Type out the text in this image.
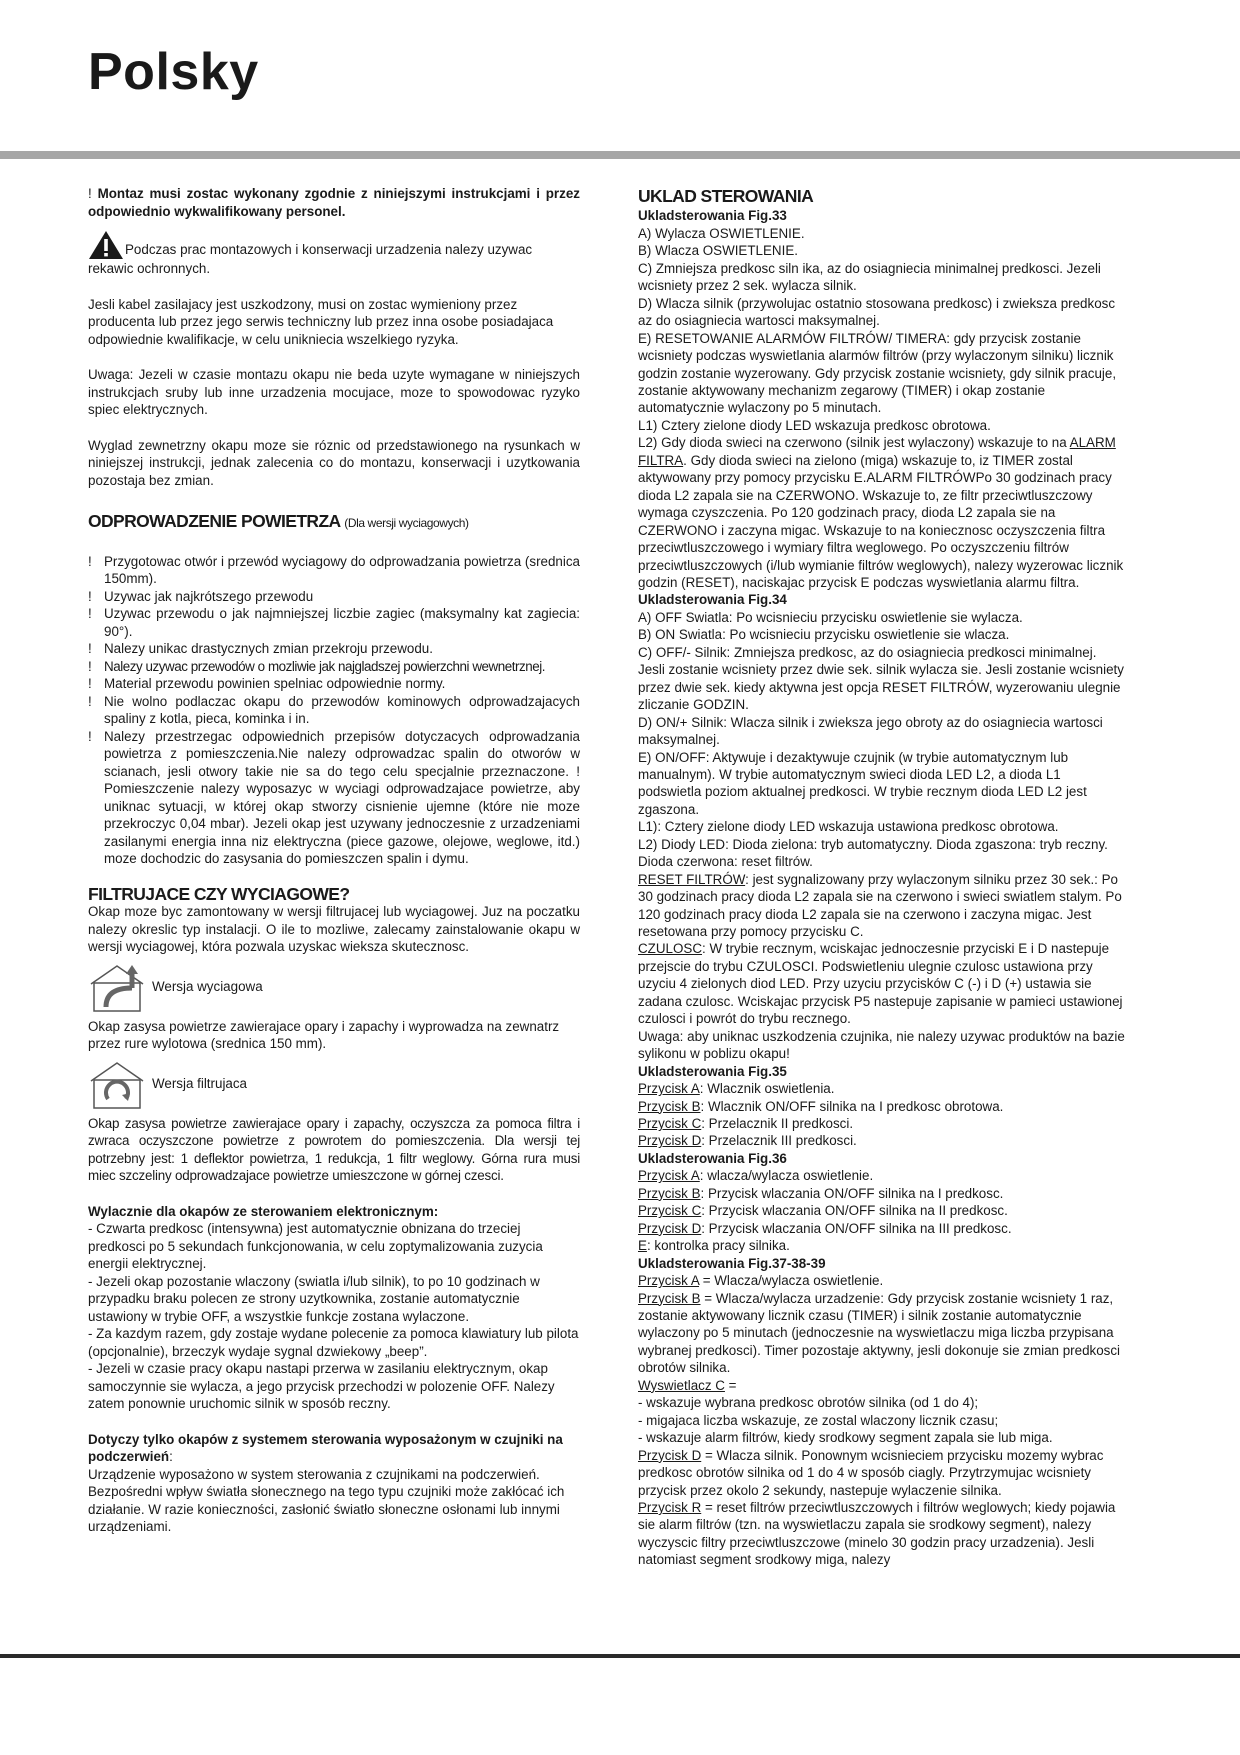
Polsky

! Montaz musi zostac wykonany zgodnie z niniejszymi instrukcjami i przez odpowiednio wykwalifikowany personel.

Podczas prac montazowych i konserwacji urzadzenia nalezy uzywac rekawic ochronnych.

Jesli kabel zasilajacy jest uszkodzony, musi on zostac wymieniony przez producenta lub przez jego serwis techniczny lub przez inna osobe posiadajaca odpowiednie kwalifikacje, w celu unikniecia wszelkiego ryzyka.

Uwaga: Jezeli w czasie montazu okapu nie beda uzyte wymagane w niniejszych instrukcjach sruby lub inne urzadzenia mocujace, moze to spowodowac ryzyko spiec elektrycznych.

Wyglad zewnetrzny okapu moze sie róznic od przedstawionego na rysunkach w niniejszej instrukcji, jednak zalecenia co do montazu, konserwacji i uzytkowania pozostaja bez zmian.

ODPROWADZENIE POWIETRZA (Dla wersji wyciagowych)

! Przygotowac otwór i przewód wyciagowy do odprowadzania powietrza (srednica 150mm).
! Uzywac jak najkrótszego przewodu
! Uzywac przewodu o jak najmniejszej liczbie zagiec (maksymalny kat zagiecia: 90°).
! Nalezy unikac drastycznych zmian przekroju przewodu.
! Nalezy uzywac przewodów o mozliwie jak najgladszej powierzchni wewnetrznej.
! Material przewodu powinien spelniac odpowiednie normy.
! Nie wolno podlaczac okapu do przewodów kominowych odprowadzajacych spaliny z kotla, pieca, kominka i in.
! Nalezy przestrzegac odpowiednich przepisów dotyczacych odprowadzania powietrza z pomieszczenia.Nie nalezy odprowadzac spalin do otworów w scianach, jesli otwory takie nie sa do tego celu specjalnie przeznaczone. ! Pomieszczenie nalezy wyposazyc w wyciagi odprowadzajace powietrze, aby uniknac sytuacji, w której okap stworzy cisnienie ujemne (które nie moze przekroczyc 0,04 mbar). Jezeli okap jest uzywany jednoczesnie z urzadzeniami zasilanymi energia inna niz elektryczna (piece gazowe, olejowe, weglowe, itd.) moze dochodzic do zasysania do pomieszczen spalin i dymu.

FILTRUJACE CZY WYCIAGOWE?

Okap moze byc zamontowany w wersji filtrujacej lub wyciagowej. Juz na poczatku nalezy okreslic typ instalacji. O ile to mozliwe, zalecamy zainstalowanie okapu w wersji wyciagowej, która pozwala uzyskac wieksza skutecznosc.

Wersja wyciagowa

Okap zasysa powietrze zawierajace opary i zapachy i wyprowadza na zewnatrz przez rure wylotowa (srednica 150 mm).

Wersja filtrujaca

Okap zasysa powietrze zawierajace opary i zapachy, oczyszcza za pomoca filtra i zwraca oczyszczone powietrze z powrotem do pomieszczenia. Dla wersji tej potrzebny jest: 1 deflektor powietrza, 1 redukcja, 1 filtr weglowy. Górna rura musi miec szczeliny odprowadzajace powietrze umieszczone w górnej czesci.

Wylacznie dla okapów ze sterowaniem elektronicznym:

- Czwarta predkosc (intensywna) jest automatycznie obnizana do trzeciej predkosci po 5 sekundach funkcjonowania, w celu zoptymalizowania zuzycia energii elektrycznej.

- Jezeli okap pozostanie wlaczony (swiatla i/lub silnik), to po 10 godzinach w przypadku braku polecen ze strony uzytkownika, zostanie automatycznie ustawiony w trybie OFF, a wszystkie funkcje zostana wylaczone.

- Za kazdym razem, gdy zostaje wydane polecenie za pomoca klawiatury lub pilota (opcjonalnie), brzeczyk wydaje sygnal dzwiekowy „beep”.

- Jezeli w czasie pracy okapu nastapi przerwa w zasilaniu elektrycznym, okap samoczynnie sie wylacza, a jego przycisk przechodzi w polozenie OFF. Nalezy zatem ponownie uruchomic silnik w sposób reczny.

Dotyczy tylko okapów z systemem sterowania wyposażonym w czujniki na podczerwień:

Urządzenie wyposażono w system sterowania z czujnikami na podczerwień. Bezpośredni wpływ światła słonecznego na tego typu czujniki może zakłócać ich działanie. W razie konieczności, zasłonić światło słoneczne osłonami lub innymi urządzeniami.

UKLAD STEROWANIA

Ukladsterowania Fig.33

A) Wylacza OSWIETLENIE.

B) Wlacza OSWIETLENIE.

C) Zmniejsza predkosc siln ika, az do osiagniecia minimalnej predkosci. Jezeli wcisniety przez 2 sek. wylacza silnik.

D) Wlacza silnik (przywolujac ostatnio stosowana predkosc) i zwieksza predkosc az do osiagniecia wartosci maksymalnej.

E) RESETOWANIE ALARMÓW FILTRÓW/ TIMERA: gdy przycisk zostanie wcisniety podczas wyswietlania alarmów filtrów (przy wylaczonym silniku) licznik godzin zostanie wyzerowany. Gdy przycisk zostanie wcisniety, gdy silnik pracuje, zostanie aktywowany mechanizm zegarowy (TIMER) i okap zostanie automatycznie wylaczony po 5 minutach.

L1) Cztery zielone diody LED wskazuja predkosc obrotowa.

L2) Gdy dioda swieci na czerwono (silnik jest wylaczony) wskazuje to na ALARM FILTRA. Gdy dioda swieci na zielono (miga) wskazuje to, iz TIMER zostal aktywowany przy pomocy przycisku E.ALARM FILTRÓWPo 30 godzinach pracy dioda L2 zapala sie na CZERWONO. Wskazuje to, ze filtr przeciwtluszczowy wymaga czyszczenia. Po 120 godzinach pracy, dioda L2 zapala sie na CZERWONO i zaczyna migac. Wskazuje to na koniecznosc oczyszczenia filtra przeciwtluszczowego i wymiary filtra weglowego. Po oczyszczeniu filtrów przeciwtluszczowych (i/lub wymianie filtrów weglowych), nalezy wyzerowac licznik godzin (RESET), naciskajac przycisk E podczas wyswietlania alarmu filtra.

Ukladsterowania Fig.34

A) OFF Swiatla: Po wcisnieciu przycisku oswietlenie sie wylacza.

B) ON Swiatla: Po wcisnieciu przycisku oswietlenie sie wlacza.

C) OFF/- Silnik: Zmniejsza predkosc, az do osiagniecia predkosci minimalnej. Jesli zostanie wcisniety przez dwie sek. silnik wylacza sie. Jesli zostanie wcisniety przez dwie sek. kiedy aktywna jest opcja RESET FILTRÓW, wyzerowaniu ulegnie zliczanie GODZIN.

D) ON/+ Silnik: Wlacza silnik i zwieksza jego obroty az do osiagniecia wartosci maksymalnej.

E) ON/OFF: Aktywuje i dezaktywuje czujnik (w trybie automatycznym lub manualnym). W trybie automatycznym swieci dioda LED L2, a dioda L1 podswietla poziom aktualnej predkosci. W trybie recznym dioda LED L2 jest zgaszona.

L1): Cztery zielone diody LED wskazuja ustawiona predkosc obrotowa.

L2) Diody LED: Dioda zielona: tryb automatyczny. Dioda zgaszona: tryb reczny. Dioda czerwona: reset filtrów.

RESET FILTRÓW: jest sygnalizowany przy wylaczonym silniku przez 30 sek.: Po 30 godzinach pracy dioda L2 zapala sie na czerwono i swieci swiatlem stalym. Po 120 godzinach pracy dioda L2 zapala sie na czerwono i zaczyna migac. Jest resetowana przy pomocy przycisku C.

CZULOSC: W trybie recznym, wciskajac jednoczesnie przyciski E i D nastepuje przejscie do trybu CZULOSCI. Podswietleniu ulegnie czulosc ustawiona przy uzyciu 4 zielonych diod LED. Przy uzyciu przycisków C (-) i D (+) ustawia sie zadana czulosc. Wciskajac przycisk P5 nastepuje zapisanie w pamieci ustawionej czulosci i powrót do trybu recznego.

Uwaga: aby uniknac uszkodzenia czujnika, nie nalezy uzywac produktów na bazie sylikonu w poblizu okapu!

Ukladsterowania Fig.35

Przycisk A: Wlacznik oswietlenia.

Przycisk B: Wlacznik ON/OFF silnika na I predkosc obrotowa.

Przycisk C: Przelacznik II predkosci.

Przycisk D: Przelacznik III predkosci.

Ukladsterowania Fig.36

Przycisk A: wlacza/wylacza oswietlenie.

Przycisk B: Przycisk wlaczania ON/OFF silnika na I predkosc.

Przycisk C: Przycisk wlaczania ON/OFF silnika na II predkosc.

Przycisk D: Przycisk wlaczania ON/OFF silnika na III predkosc.

E: kontrolka pracy silnika.

Ukladsterowania Fig.37-38-39

Przycisk A = Wlacza/wylacza oswietlenie.

Przycisk B = Wlacza/wylacza urzadzenie: Gdy przycisk zostanie wcisniety 1 raz, zostanie aktywowany licznik czasu (TIMER) i silnik zostanie automatycznie wylaczony po 5 minutach (jednoczesnie na wyswietlaczu miga liczba przypisana wybranej predkosci). Timer pozostaje aktywny, jesli dokonuje sie zmian predkosci obrotów silnika.

Wyswietlacz C =

- wskazuje wybrana predkosc obrotów silnika (od 1 do 4);

- migajaca liczba wskazuje, ze zostal wlaczony licznik czasu;

- wskazuje alarm filtrów, kiedy srodkowy segment zapala sie lub miga.

Przycisk D = Wlacza silnik. Ponownym wcisnieciem przycisku mozemy wybrac predkosc obrotów silnika od 1 do 4 w sposób ciagly. Przytrzymujac wcisniety przycisk przez okolo 2 sekundy, nastepuje wylaczenie silnika.

Przycisk R = reset filtrów przeciwtluszczowych i filtrów weglowych; kiedy pojawia sie alarm filtrów (tzn. na wyswietlaczu zapala sie srodkowy segment), nalezy wyczyscic filtry przeciwtluszczowe (minelo 30 godzin pracy urzadzenia). Jesli natomiast segment srodkowy miga, nalezy
